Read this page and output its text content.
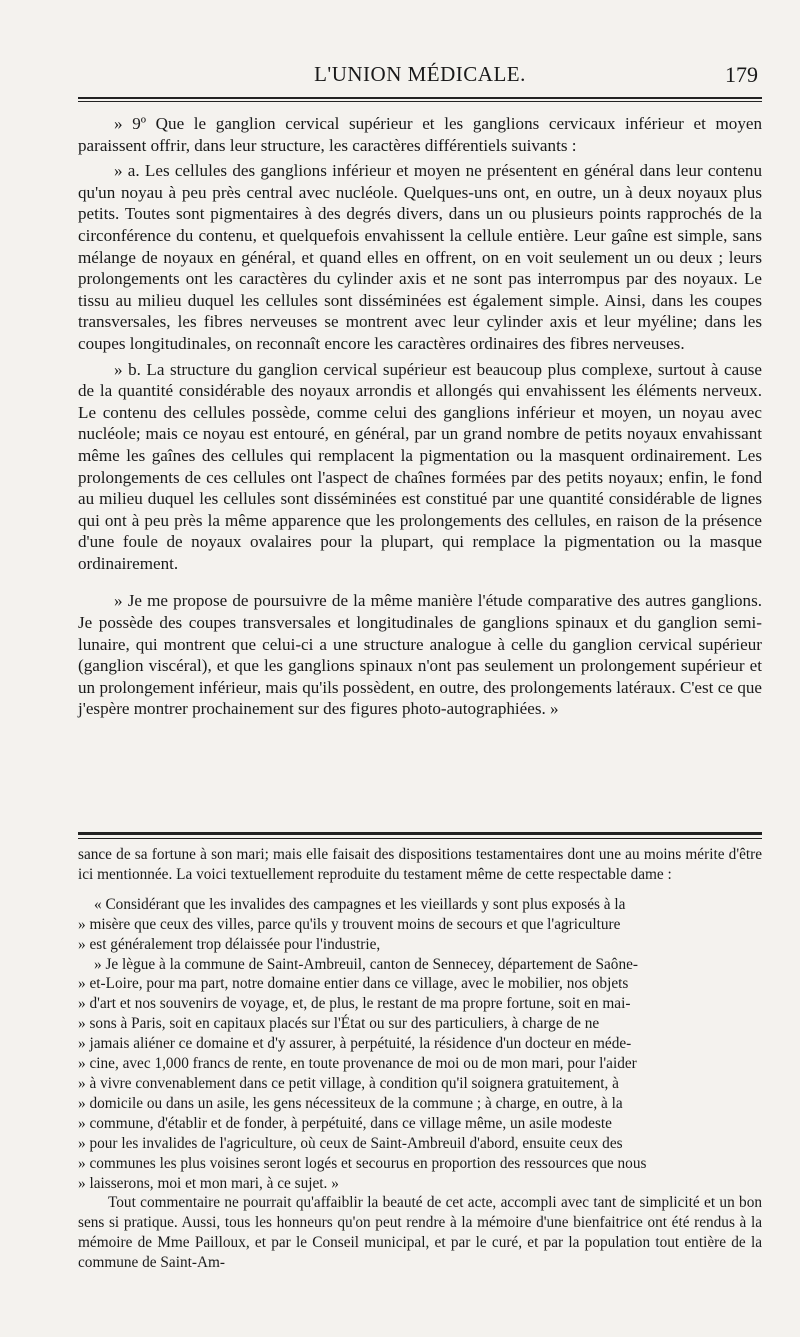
L'UNION MÉDICALE.	179

» 9º Que le ganglion cervical supérieur et les ganglions cervicaux inférieur et moyen paraissent offrir, dans leur structure, les caractères différentiels suivants :

» a. Les cellules des ganglions inférieur et moyen ne présentent en général dans leur contenu qu'un noyau à peu près central avec nucléole. Quelques-uns ont, en outre, un à deux noyaux plus petits. Toutes sont pigmentaires à des degrés divers, dans un ou plusieurs points rapprochés de la circonférence du contenu, et quelquefois envahissent la cellule entière. Leur gaîne est simple, sans mélange de noyaux en général, et quand elles en offrent, on en voit seulement un ou deux ; leurs prolongements ont les caractères du cylinder axis et ne sont pas interrompus par des noyaux. Le tissu au milieu duquel les cellules sont disséminées est également simple. Ainsi, dans les coupes transversales, les fibres nerveuses se montrent avec leur cylinder axis et leur myéline; dans les coupes longitudinales, on reconnaît encore les caractères ordinaires des fibres nerveuses.

» b. La structure du ganglion cervical supérieur est beaucoup plus complexe, surtout à cause de la quantité considérable des noyaux arrondis et allongés qui envahissent les éléments nerveux. Le contenu des cellules possède, comme celui des ganglions inférieur et moyen, un noyau avec nucléole; mais ce noyau est entouré, en général, par un grand nombre de petits noyaux envahissant même les gaînes des cellules qui remplacent la pigmentation ou la masquent ordinairement. Les prolongements de ces cellules ont l'aspect de chaînes formées par des petits noyaux; enfin, le fond au milieu duquel les cellules sont disséminées est constitué par une quantité considérable de lignes qui ont à peu près la même apparence que les prolongements des cellules, en raison de la présence d'une foule de noyaux ovalaires pour la plupart, qui remplace la pigmentation ou la masque ordinairement.

» Je me propose de poursuivre de la même manière l'étude comparative des autres ganglions. Je possède des coupes transversales et longitudinales de ganglions spinaux et du ganglion semi-lunaire, qui montrent que celui-ci a une structure analogue à celle du ganglion cervical supérieur (ganglion viscéral), et que les ganglions spinaux n'ont pas seulement un prolongement supérieur et un prolongement inférieur, mais qu'ils possèdent, en outre, des prolongements latéraux. C'est ce que j'espère montrer prochainement sur des figures photo-autographiées. »

sance de sa fortune à son mari; mais elle faisait des dispositions testamentaires dont une au moins mérite d'être ici mentionnée. La voici textuellement reproduite du testament même de cette respectable dame :

« Considérant que les invalides des campagnes et les vieillards y sont plus exposés à la
» misère que ceux des villes, parce qu'ils y trouvent moins de secours et que l'agriculture
» est généralement trop délaissée pour l'industrie,
» Je lègue à la commune de Saint-Ambreuil, canton de Sennecey, département de Saône-
» et-Loire, pour ma part, notre domaine entier dans ce village, avec le mobilier, nos objets
» d'art et nos souvenirs de voyage, et, de plus, le restant de ma propre fortune, soit en mai-
» sons à Paris, soit en capitaux placés sur l'État ou sur des particuliers, à charge de ne
» jamais aliéner ce domaine et d'y assurer, à perpétuité, la résidence d'un docteur en méde-
» cine, avec 1,000 francs de rente, en toute provenance de moi ou de mon mari, pour l'aider
» à vivre convenablement dans ce petit village, à condition qu'il soignera gratuitement, à
» domicile ou dans un asile, les gens nécessiteux de la commune ; à charge, en outre, à la
» commune, d'établir et de fonder, à perpétuité, dans ce village même, un asile modeste
» pour les invalides de l'agriculture, où ceux de Saint-Ambreuil d'abord, ensuite ceux des
» communes les plus voisines seront logés et secourus en proportion des ressources que nous
» laisserons, moi et mon mari, à ce sujet. »

Tout commentaire ne pourrait qu'affaiblir la beauté de cet acte, accompli avec tant de simplicité et un bon sens si pratique. Aussi, tous les honneurs qu'on peut rendre à la mémoire d'une bienfaitrice ont été rendus à la mémoire de Mme Pailloux, et par le Conseil municipal, et par le curé, et par la population tout entière de la commune de Saint-Am-
